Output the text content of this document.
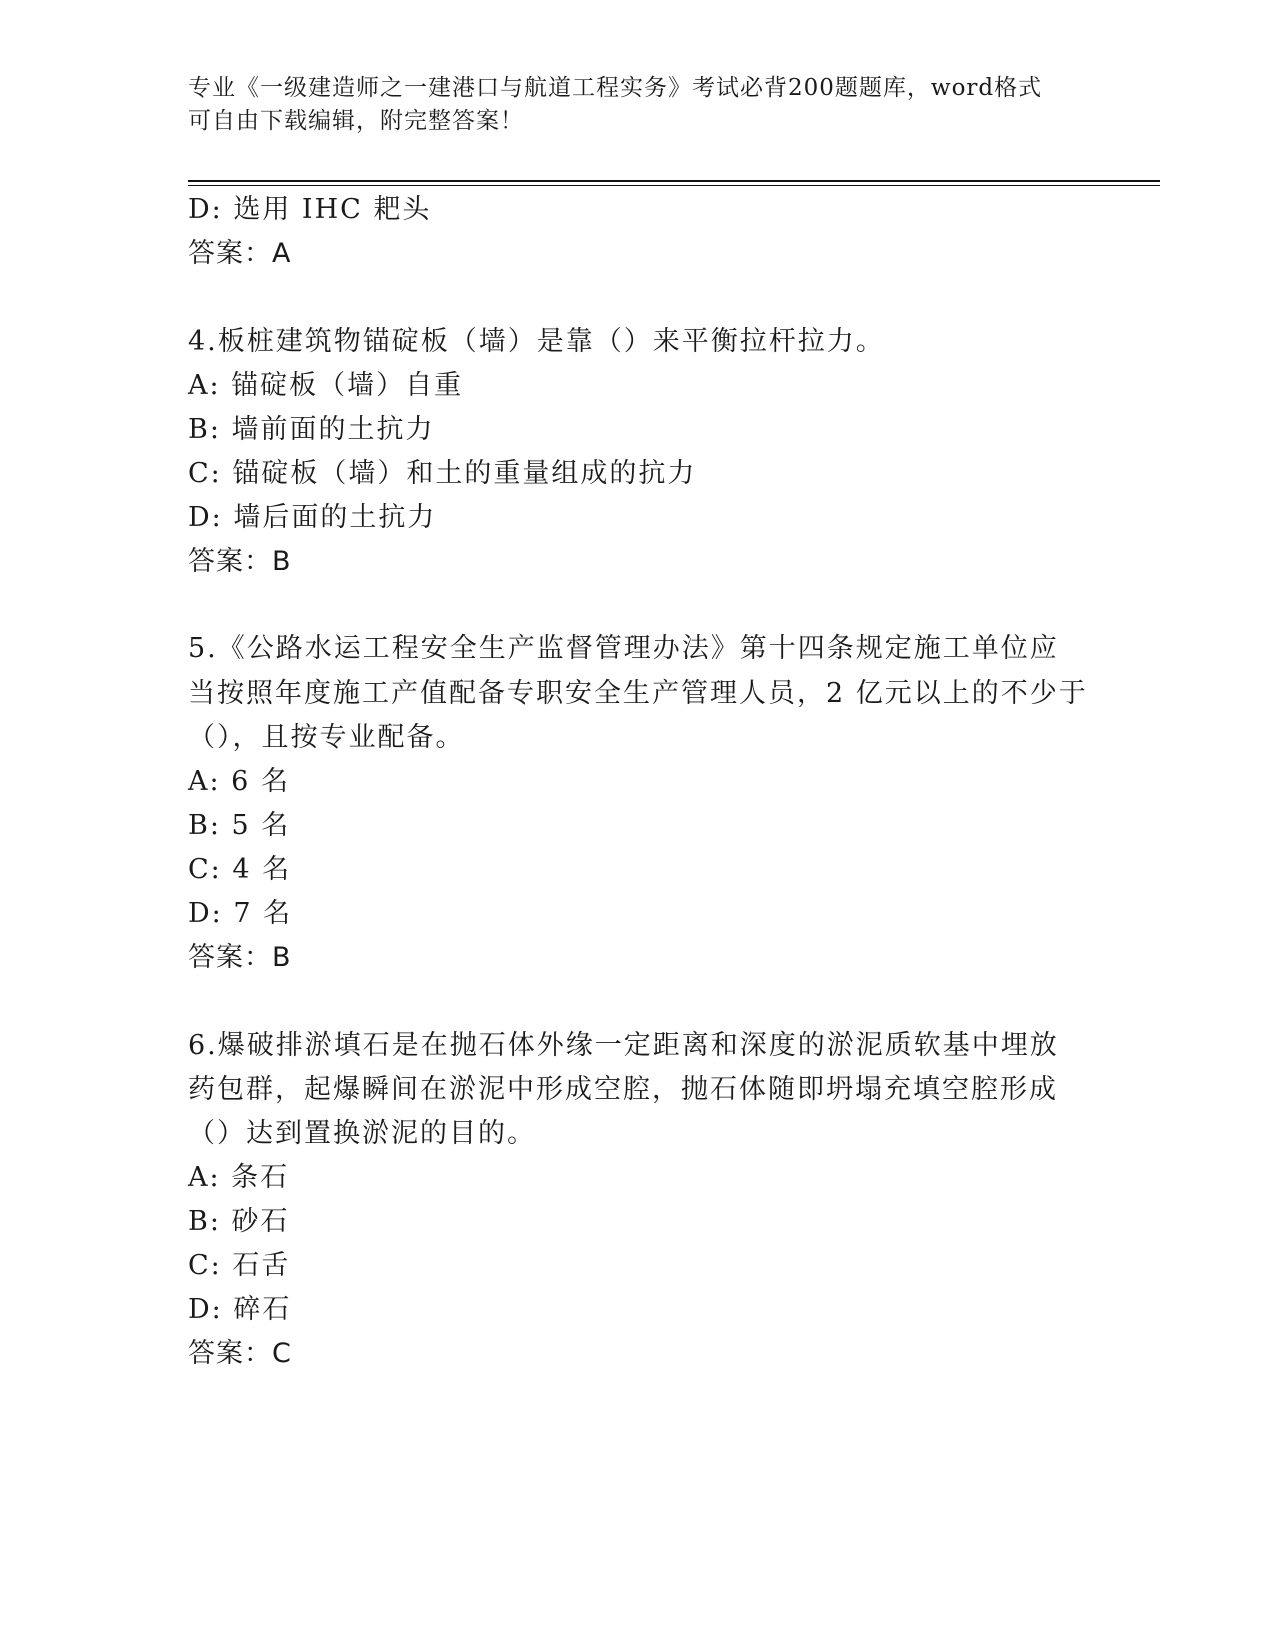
专业《一级建造师之一建港口与航道工程实务》考试必背200题题库，word格式
可自由下载编辑，附完整答案！
D: 选用 IHC 耙头
答案：A
4.板桩建筑物锚碇板（墙）是靠（）来平衡拉杆拉力。
A: 锚碇板（墙）自重
B: 墙前面的土抗力
C: 锚碇板（墙）和土的重量组成的抗力
D: 墙后面的土抗力
答案：B
5.《公路水运工程安全生产监督管理办法》第十四条规定施工单位应
当按照年度施工产值配备专职安全生产管理人员，2 亿元以上的不少于
（），且按专业配备。
A: 6 名
B: 5 名
C: 4 名
D: 7 名
答案：B
6.爆破排淤填石是在抛石体外缘一定距离和深度的淤泥质软基中埋放
药包群，起爆瞬间在淤泥中形成空腔，抛石体随即坍塌充填空腔形成
（）达到置换淤泥的目的。
A: 条石
B: 砂石
C: 石舌
D: 碎石
答案：C
